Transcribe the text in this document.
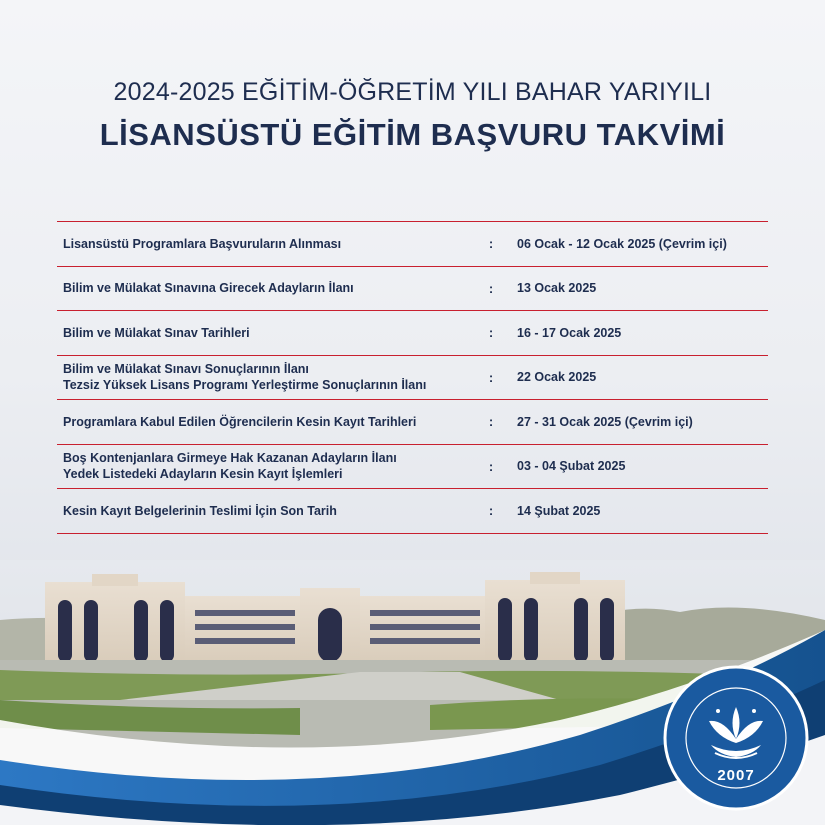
2024-2025 EĞİTİM-ÖĞRETİM YILI BAHAR YARIYILI
LİSANSÜSTÜ EĞİTİM BAŞVURU TAKVİMİ
Lisansüstü Programlara Başvuruların Alınması	:	06 Ocak - 12 Ocak 2025 (Çevrim içi)
Bilim ve Mülakat Sınavına Girecek Adayların İlanı	:	13 Ocak 2025
Bilim ve Mülakat Sınav Tarihleri	:	16 - 17 Ocak 2025
Bilim ve Mülakat Sınavı Sonuçlarının İlanı
Tezsiz Yüksek Lisans Programı Yerleştirme Sonuçlarının İlanı
:	22 Ocak 2025
Programlara Kabul Edilen Öğrencilerin Kesin Kayıt Tarihleri	:	27 - 31 Ocak 2025 (Çevrim içi)
Boş Kontenjanlara Girmeye Hak Kazanan Adayların İlanı
Yedek Listedeki Adayların Kesin Kayıt İşlemleri
:	03 - 04 Şubat 2025
Kesin Kayıt Belgelerinin Teslimi İçin Son Tarih	:	14 Şubat 2025
2007
